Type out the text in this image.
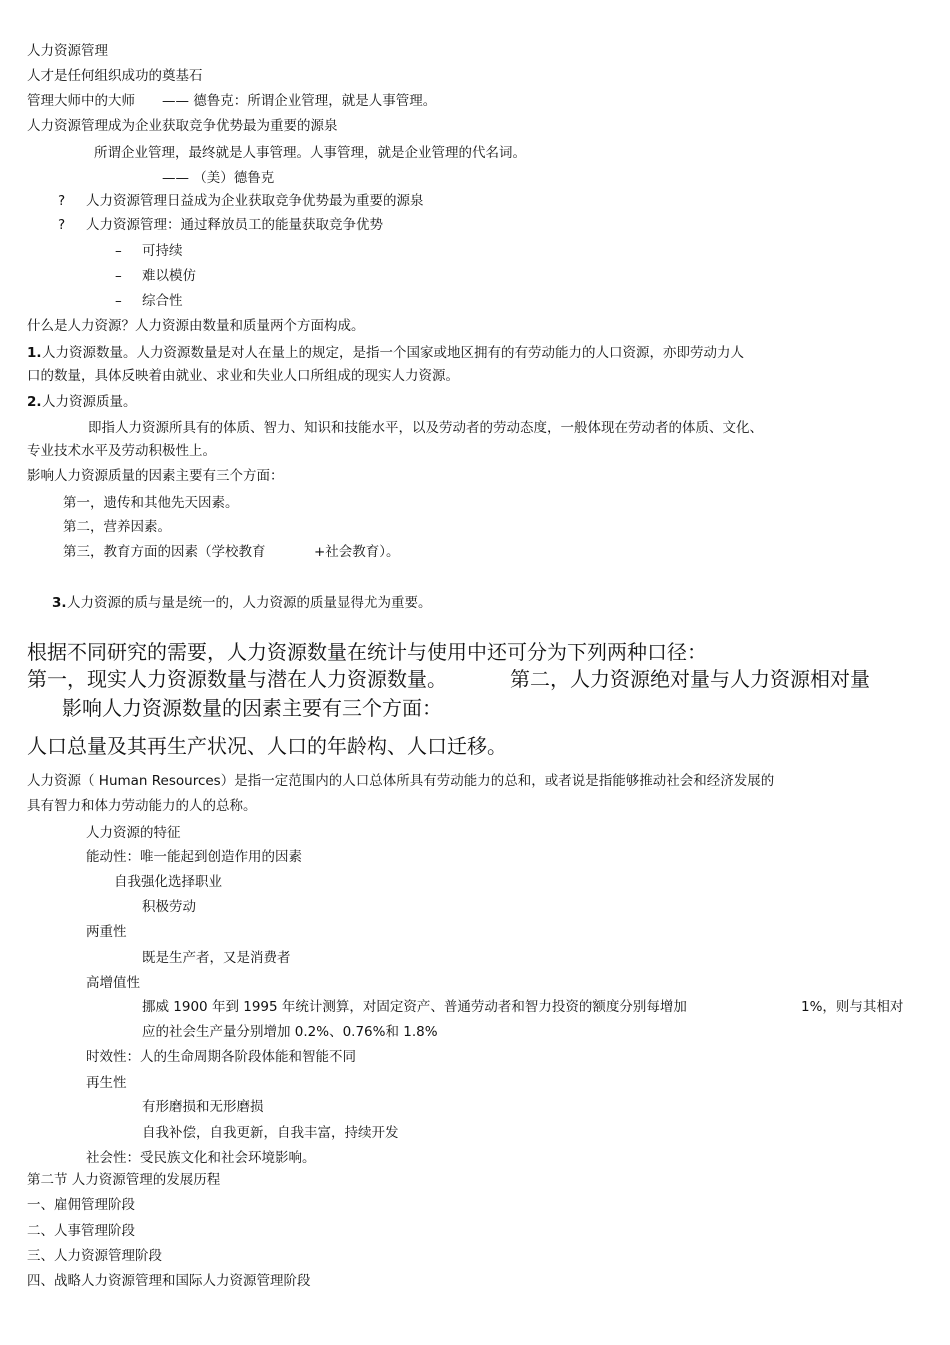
人力资源管理
人才是任何组织成功的奠基石
管理大师中的大师 —— 德鲁克：所谓企业管理，就是人事管理。
人力资源管理成为企业获取竞争优势最为重要的源泉
所谓企业管理，最终就是人事管理。人事管理，就是企业管理的代名词。
—— （美）德鲁克
? 人力资源管理日益成为企业获取竞争优势最为重要的源泉
? 人力资源管理：通过释放员工的能量获取竞争优势
– 可持续
– 难以模仿
– 综合性
什么是人力资源？人力资源由数量和质量两个方面构成。
1. 人力资源数量。人力资源数量是对人在量上的规定，是指一个国家或地区拥有的有劳动能力的人口资源，亦即劳动力人
口的数量，具体反映着由就业、求业和失业人口所组成的现实人力资源。
2. 人力资源质量。
即指人力资源所具有的体质、智力、知识和技能水平，以及劳动者的劳动态度，一般体现在劳动者的体质、文化、
专业技术水平及劳动积极性上。
影响人力资源质量的因素主要有三个方面：
第一，遗传和其他先天因素。
第二，营养因素。
第三，教育方面的因素（学校教育	+社会教育）。
3. 人力资源的质与量是统一的，人力资源的质量显得尤为重要。
根据不同研究的需要，人力资源数量在统计与使用中还可分为下列两种口径：
第一，现实人力资源数量与潜在人力资源数量。	第二，人力资源绝对量与人力资源相对量
影响人力资源数量的因素主要有三个方面：
人口总量及其再生产状况、人口的年龄构、人口迁移。
人力资源（ Human Resources）是指一定范围内的人口总体所具有劳动能力的总和，或者说是指能够推动社会和经济发展的
具有智力和体力劳动能力的人的总称。
人力资源的特征
能动性：唯一能起到创造作用的因素
自我强化选择职业
积极劳动
两重性
既是生产者，又是消费者
高增值性
挪威 1900 年到 1995 年统计测算，对固定资产、普通劳动者和智力投资的额度分别每增加	1%，则与其相对
应的社会生产量分别增加 0.2%、0.76%和 1.8%
时效性：人的生命周期各阶段体能和智能不同
再生性
有形磨损和无形磨损
自我补偿，自我更新，自我丰富，持续开发
社会性：受民族文化和社会环境影响。
第二节 人力资源管理的发展历程
一、雇佣管理阶段
二、人事管理阶段
三、人力资源管理阶段
四、战略人力资源管理和国际人力资源管理阶段
